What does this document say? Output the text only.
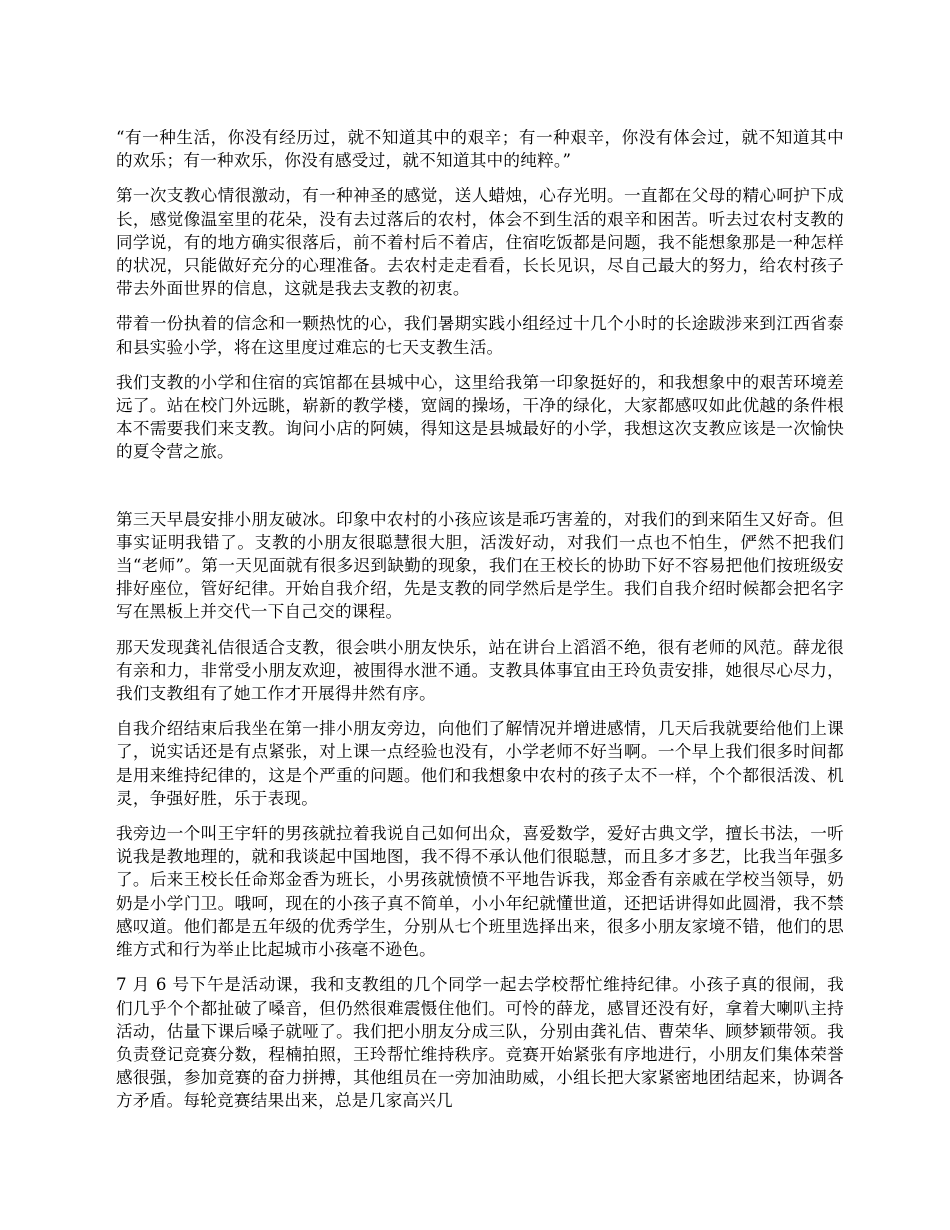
“有一种生活，你没有经历过，就不知道其中的艰辛；有一种艰辛，你没有体会过，就不知道其中的欢乐；有一种欢乐，你没有感受过，就不知道其中的纯粹。”

第一次支教心情很激动，有一种神圣的感觉，送人蜡烛，心存光明。一直都在父母的精心呵护下成长，感觉像温室里的花朵，没有去过落后的农村，体会不到生活的艰辛和困苦。听去过农村支教的同学说，有的地方确实很落后，前不着村后不着店，住宿吃饭都是问题，我不能想象那是一种怎样的状况，只能做好充分的心理准备。去农村走走看看，长长见识，尽自己最大的努力，给农村孩子带去外面世界的信息，这就是我去支教的初衷。

带着一份执着的信念和一颗热忱的心，我们暑期实践小组经过十几个小时的长途跋涉来到江西省泰和县实验小学，将在这里度过难忘的七天支教生活。

我们支教的小学和住宿的宾馆都在县城中心，这里给我第一印象挺好的，和我想象中的艰苦环境差远了。站在校门外远眺，崭新的教学楼，宽阔的操场，干净的绿化，大家都感叹如此优越的条件根本不需要我们来支教。询问小店的阿姨，得知这是县城最好的小学，我想这次支教应该是一次愉快的夏令营之旅。

第三天早晨安排小朋友破冰。印象中农村的小孩应该是乖巧害羞的，对我们的到来陌生又好奇。但事实证明我错了。支教的小朋友很聪慧很大胆，活泼好动，对我们一点也不怕生，俨然不把我们当“老师”。第一天见面就有很多迟到缺勤的现象，我们在王校长的协助下好不容易把他们按班级安排好座位，管好纪律。开始自我介绍，先是支教的同学然后是学生。我们自我介绍时候都会把名字写在黑板上并交代一下自己交的课程。

那天发现龚礼佶很适合支教，很会哄小朋友快乐，站在讲台上滔滔不绝，很有老师的风范。薛龙很有亲和力，非常受小朋友欢迎，被围得水泄不通。支教具体事宜由王玲负责安排，她很尽心尽力，我们支教组有了她工作才开展得井然有序。

自我介绍结束后我坐在第一排小朋友旁边，向他们了解情况并增进感情，几天后我就要给他们上课了，说实话还是有点紧张，对上课一点经验也没有，小学老师不好当啊。一个早上我们很多时间都是用来维持纪律的，这是个严重的问题。他们和我想象中农村的孩子太不一样，个个都很活泼、机灵，争强好胜，乐于表现。

我旁边一个叫王宇轩的男孩就拉着我说自己如何出众，喜爱数学，爱好古典文学，擅长书法，一听说我是教地理的，就和我谈起中国地图，我不得不承认他们很聪慧，而且多才多艺，比我当年强多了。后来王校长任命郑金香为班长，小男孩就愤愤不平地告诉我，郑金香有亲戚在学校当领导，奶奶是小学门卫。哦呵，现在的小孩子真不简单，小小年纪就懂世道，还把话讲得如此圆滑，我不禁感叹道。他们都是五年级的优秀学生，分别从七个班里选择出来，很多小朋友家境不错，他们的思维方式和行为举止比起城市小孩毫不逊色。

7 月 6 号下午是活动课，我和支教组的几个同学一起去学校帮忙维持纪律。小孩子真的很闹，我们几乎个个都扯破了嗓音，但仍然很难震慑住他们。可怜的薛龙，感冒还没有好，拿着大喇叭主持活动，估量下课后嗓子就哑了。我们把小朋友分成三队，分别由龚礼佶、曹荣华、顾梦颖带领。我负责登记竞赛分数，程楠拍照，王玲帮忙维持秩序。竞赛开始紧张有序地进行，小朋友们集体荣誉感很强，参加竞赛的奋力拼搏，其他组员在一旁加油助威，小组长把大家紧密地团结起来，协调各方矛盾。每轮竞赛结果出来，总是几家高兴几
